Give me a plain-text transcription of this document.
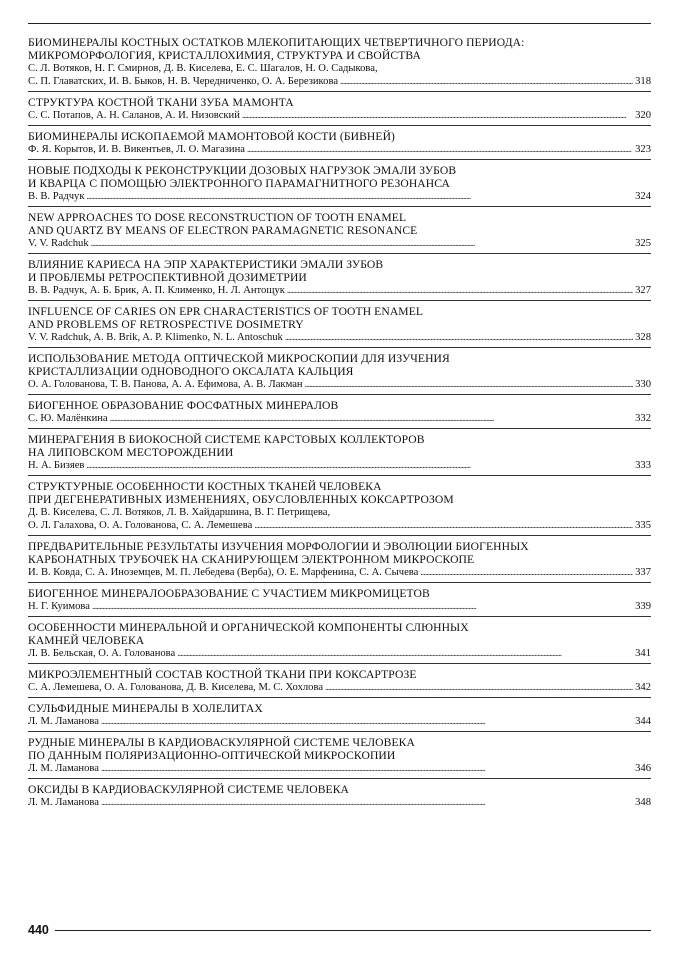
БИОМИНЕРАЛЫ КОСТНЫХ ОСТАТКОВ МЛЕКОПИТАЮЩИХ ЧЕТВЕРТИЧНОГО ПЕРИОДА:
МИКРОМОРФОЛОГИЯ, КРИСТАЛЛОХИМИЯ, СТРУКТУРА И СВОЙСТВА
С. Л. Вотяков, Н. Г. Смирнов, Д. В. Киселева, Е. С. Шагалов, Н. О. Садыкова,
С. П. Главатских, И. В. Быков, Н. В. Чередниченко, О. А. Березикова . . .	318
СТРУКТУРА КОСТНОЙ ТКАНИ ЗУБА МАМОНТА
С. С. Потапов, А. Н. Саланов, А. И. Низовский . . .	320
БИОМИНЕРАЛЫ ИСКОПАЕМОЙ МАМОНТОВОЙ КОСТИ (БИВНЕЙ)
Ф. Я. Корытов, И. В. Викентьев, Л. О. Магазина . . .	323
НОВЫЕ ПОДХОДЫ К РЕКОНСТРУКЦИИ ДОЗОВЫХ НАГРУЗОК ЭМАЛИ ЗУБОВ
И КВАРЦА С ПОМОЩЬЮ ЭЛЕКТРОННОГО ПАРАМАГНИТНОГО РЕЗОНАНСА
В. В. Радчук . . .	324
NEW APPROACHES TO DOSE RECONSTRUCTION OF TOOTH ENAMEL
AND QUARTZ BY MEANS OF ELECTRON PARAMAGNETIC RESONANCE
V. V. Radchuk . . .	325
ВЛИЯНИЕ КАРИЕСА НА ЭПР ХАРАКТЕРИСТИКИ ЭМАЛИ ЗУБОВ
И ПРОБЛЕМЫ РЕТРОСПЕКТИВНОЙ ДОЗИМЕТРИИ
В. В. Радчук, А. Б. Брик, А. П. Клименко, Н. Л. Антощук . . .	327
INFLUENCE OF CARIES ON EPR CHARACTERISTICS OF TOOTH ENAMEL
AND PROBLEMS OF RETROSPECTIVE DOSIMETRY
V. V. Radchuk, A. B. Brik, A. P. Klimenko, N. L. Antoschuk . . .	328
ИСПОЛЬЗОВАНИЕ МЕТОДА ОПТИЧЕСКОЙ МИКРОСКОПИИ ДЛЯ ИЗУЧЕНИЯ
КРИСТАЛЛИЗАЦИИ ОДНОВОДНОГО ОКСАЛАТА КАЛЬЦИЯ
О. А. Голованова, Т. В. Панова, А. А. Ефимова, А. В. Лакман . . .	330
БИОГЕННОЕ ОБРАЗОВАНИЕ ФОСФАТНЫХ МИНЕРАЛОВ
С. Ю. Малёнкина . . .	332
МИНЕРАГЕНИЯ В БИОКОСНОЙ СИСТЕМЕ КАРСТОВЫХ КОЛЛЕКТОРОВ
НА ЛИПОВСКОМ МЕСТОРОЖДЕНИИ
Н. А. Бизяев . . .	333
СТРУКТУРНЫЕ ОСОБЕННОСТИ КОСТНЫХ ТКАНЕЙ ЧЕЛОВЕКА
ПРИ ДЕГЕНЕРАТИВНЫХ ИЗМЕНЕНИЯХ, ОБУСЛОВЛЕННЫХ КОКСАРТРОЗОМ
Д. В. Киселева, С. Л. Вотяков, Л. В. Хайдаршина, В. Г. Петрищева,
О. Л. Галахова, О. А. Голованова, С. А. Лемешева . . .	335
ПРЕДВАРИТЕЛЬНЫЕ РЕЗУЛЬТАТЫ ИЗУЧЕНИЯ МОРФОЛОГИИ И ЭВОЛЮЦИИ БИОГЕННЫХ
КАРБОНАТНЫХ ТРУБОЧЕК НА СКАНИРУЮЩЕМ ЭЛЕКТРОННОМ МИКРОСКОПЕ
И. В. Ковда, С. А. Иноземцев, М. П. Лебедева (Верба), О. Е. Марфенина, С. А. Сычева . . .	337
БИОГЕННОЕ МИНЕРАЛООБРАЗОВАНИЕ С УЧАСТИЕМ МИКРОМИЦЕТОВ
Н. Г. Куимова . . .	339
ОСОБЕННОСТИ МИНЕРАЛЬНОЙ И ОРГАНИЧЕСКОЙ КОМПОНЕНТЫ СЛЮННЫХ
КАМНЕЙ ЧЕЛОВЕКА
Л. В. Бельская, О. А. Голованова . . .	341
МИКРОЭЛЕМЕНТНЫЙ СОСТАВ КОСТНОЙ ТКАНИ ПРИ КОКСАРТРОЗЕ
С. А. Лемешева, О. А. Голованова, Д. В. Киселева, М. С. Хохлова . . .	342
СУЛЬФИДНЫЕ МИНЕРАЛЫ В ХОЛЕЛИТАХ
Л. М. Ламанова . . .	344
РУДНЫЕ МИНЕРАЛЫ В КАРДИОВАСКУЛЯРНОЙ СИСТЕМЕ ЧЕЛОВЕКА
ПО ДАННЫМ ПОЛЯРИЗАЦИОННО-ОПТИЧЕСКОЙ МИКРОСКОПИИ
Л. М. Ламанова . . .	346
ОКСИДЫ В КАРДИОВАСКУЛЯРНОЙ СИСТЕМЕ ЧЕЛОВЕКА
Л. М. Ламанова . . .	348
440
